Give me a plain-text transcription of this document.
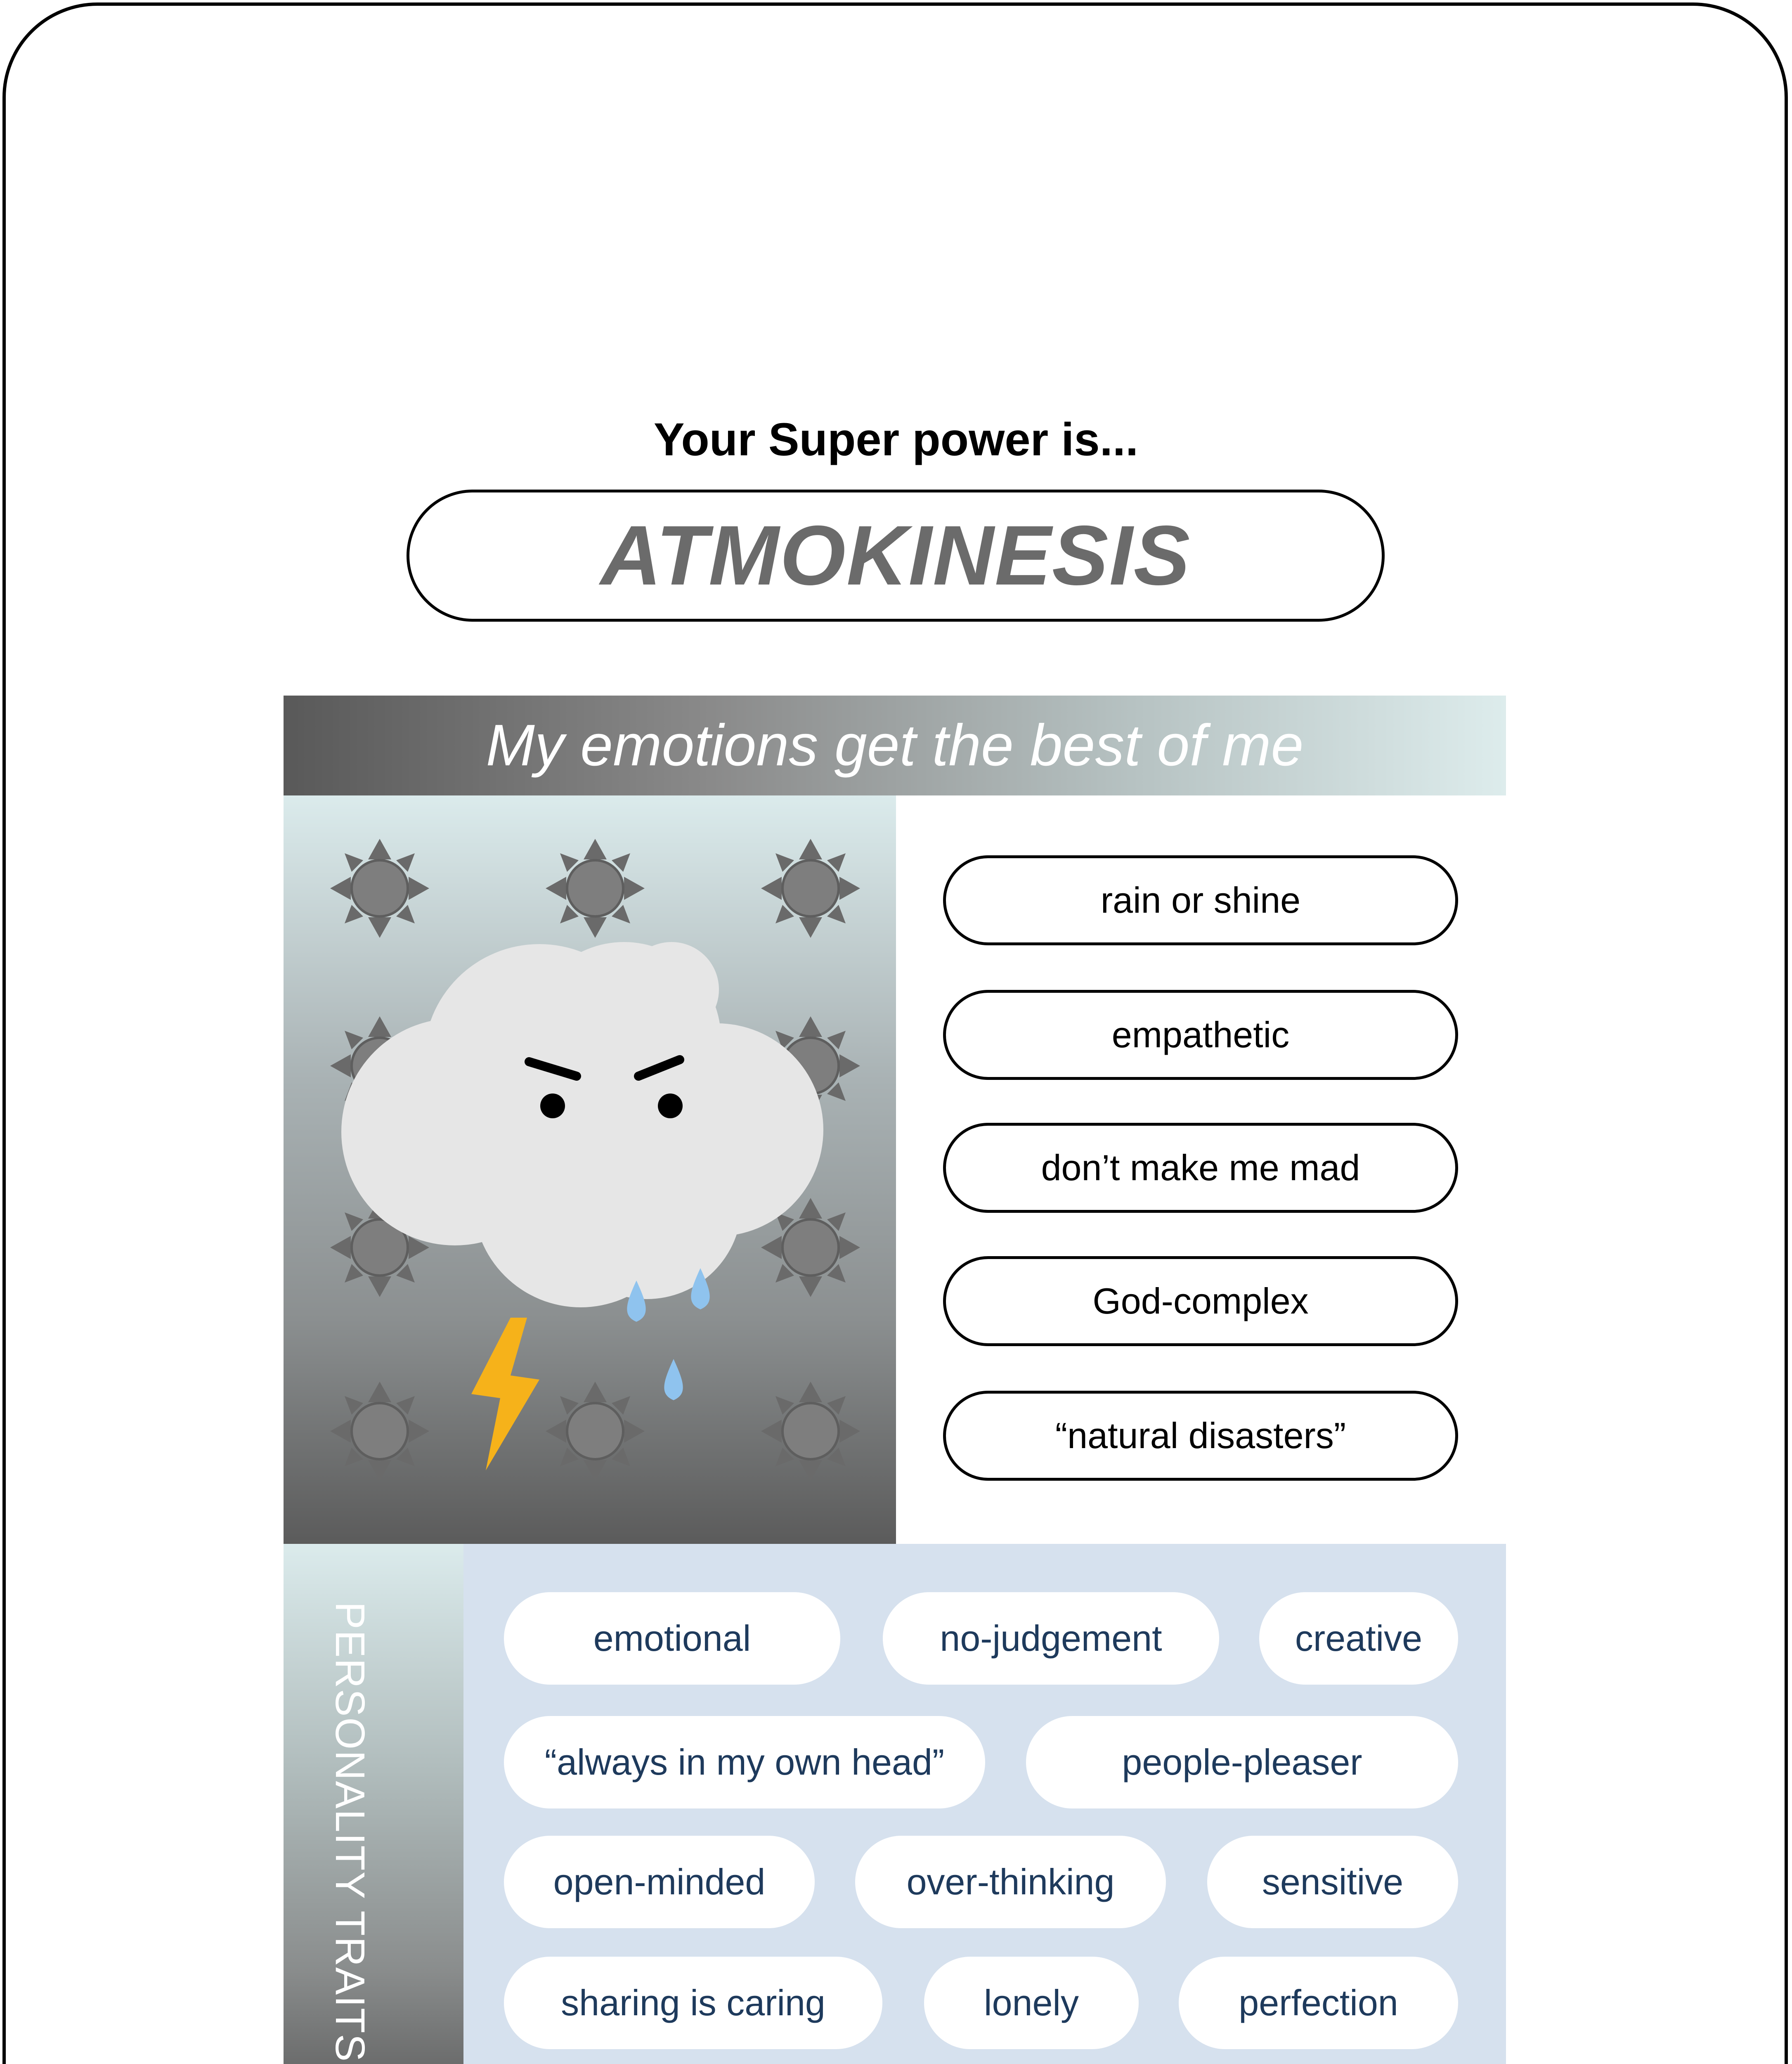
Your Super power is...
ATMOKINESIS
My emotions get the best of me
rain or shine
empathetic
don’t make me mad
God-complex
“natural disasters”
PERSONALITY TRAITS	emotional	no-judgement	creative
“always in my own head”	people-pleaser
open-minded	over-thinking	sensitive
sharing is caring	lonely	perfection
